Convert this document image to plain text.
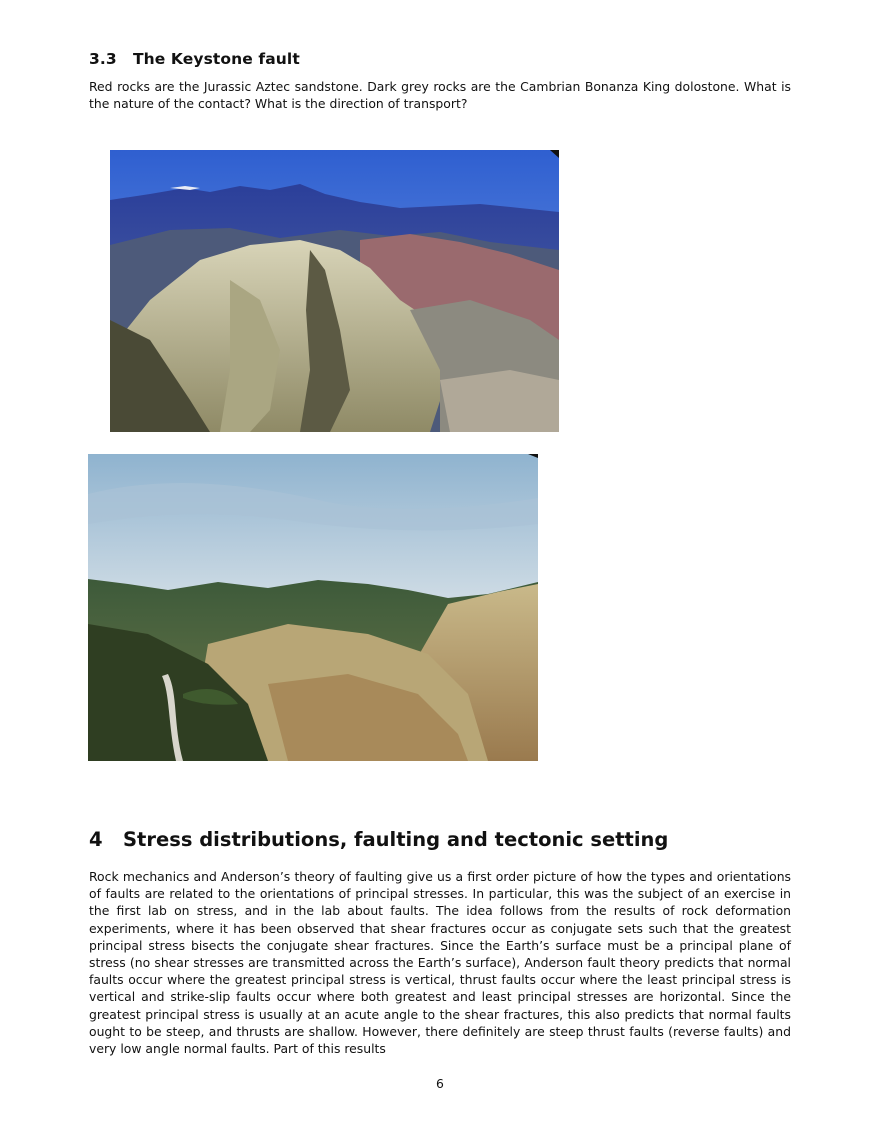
3.3 The Keystone fault

Red rocks are the Jurassic Aztec sandstone. Dark grey rocks are the Cambrian Bonanza King dolostone. What is the nature of the contact? What is the direction of transport?

4 Stress distributions, faulting and tectonic setting

Rock mechanics and Anderson’s theory of faulting give us a first order picture of how the types and orientations of faults are related to the orientations of principal stresses. In particular, this was the subject of an exercise in the first lab on stress, and in the lab about faults. The idea follows from the results of rock deformation experiments, where it has been observed that shear fractures occur as conjugate sets such that the greatest principal stress bisects the conjugate shear fractures. Since the Earth’s surface must be a principal plane of stress (no shear stresses are transmitted across the Earth’s surface), Anderson fault theory predicts that normal faults occur where the greatest principal stress is vertical, thrust faults occur where the least principal stress is vertical and strike-slip faults occur where both greatest and least principal stresses are horizontal. Since the greatest principal stress is usually at an acute angle to the shear fractures, this also predicts that normal faults ought to be steep, and thrusts are shallow. However, there definitely are steep thrust faults (reverse faults) and very low angle normal faults. Part of this results

6
